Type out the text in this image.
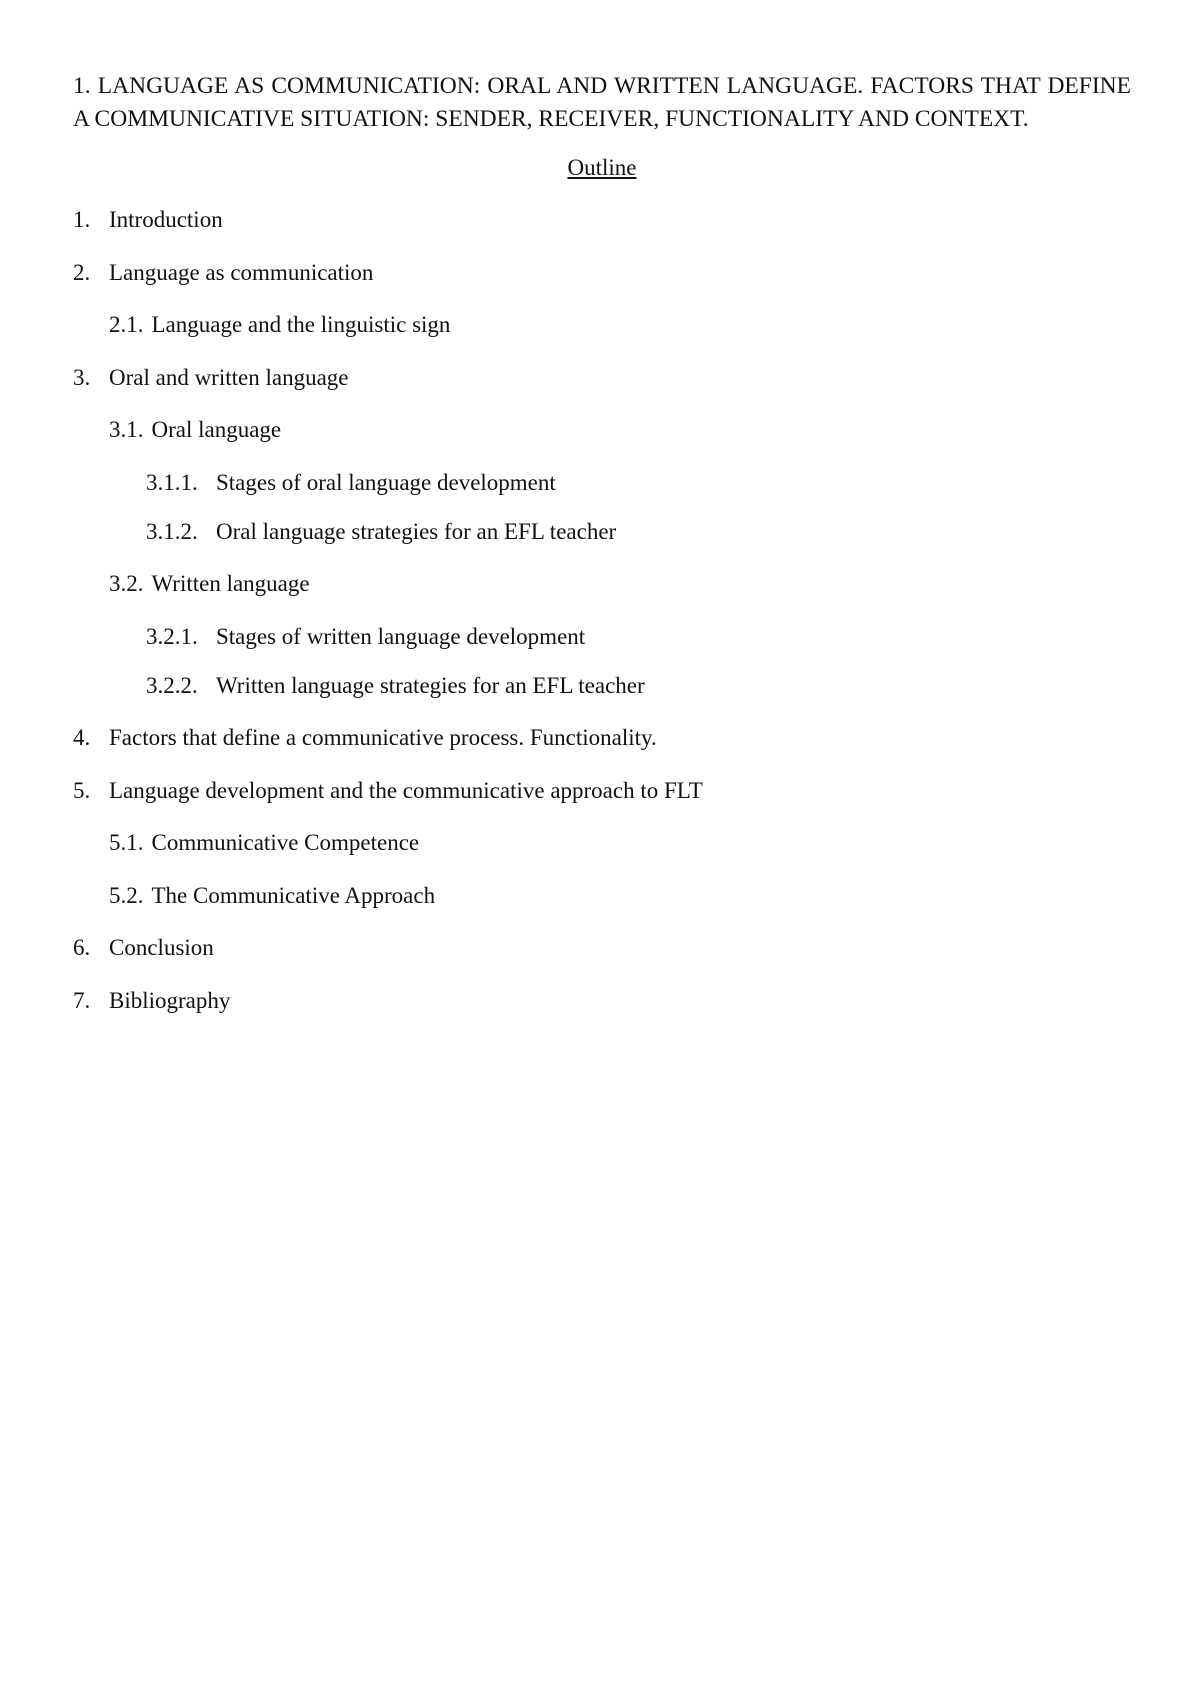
1. LANGUAGE AS COMMUNICATION: ORAL AND WRITTEN LANGUAGE. FACTORS THAT DEFINE A COMMUNICATIVE SITUATION: SENDER, RECEIVER, FUNCTIONALITY AND CONTEXT.

Outline
1. Introduction
2. Language as communication
2.1. Language and the linguistic sign
3. Oral and written language
3.1. Oral language
3.1.1. Stages of oral language development
3.1.2. Oral language strategies for an EFL teacher
3.2. Written language
3.2.1. Stages of written language development
3.2.2. Written language strategies for an EFL teacher
4. Factors that define a communicative process. Functionality.
5. Language development and the communicative approach to FLT
5.1. Communicative Competence
5.2. The Communicative Approach
6. Conclusion
7. Bibliography
